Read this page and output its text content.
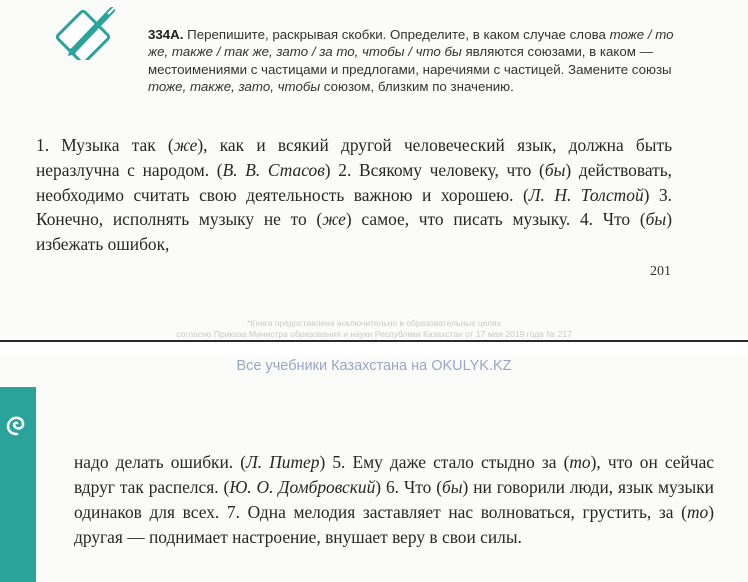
334А. Перепишите, раскрывая скобки. Определите, в каком случае слова тоже / то же, также / так же, зато / за то, чтобы / что бы являются союзами, в каком — местоимениями с частицами и предлогами, наречиями с частицей. Замените союзы тоже, также, зато, чтобы союзом, близким по значению.
1. Музыка так (же), как и всякий другой человеческий язык, должна быть неразлучна с народом. (В. В. Стасов) 2. Всякому человеку, что (бы) действовать, необходимо считать свою деятельность важною и хорошею. (Л. Н. Толстой) 3. Конечно, исполнять музыку не то (же) самое, что писать музыку. 4. Что (бы) избежать ошибок,
201
*Книга предоставлена исключительно в образовательных целях
согласно Приказа Министра образования и науки Республики Казахстан от 17 мая 2019 года № 217
Все учебники Казахстана на OKULYK.KZ
надо делать ошибки. (Л. Питер) 5. Ему даже стало стыдно за (то), что он сейчас вдруг так распелся. (Ю. О. Домбровский) 6. Что (бы) ни говорили люди, язык музыки одинаков для всех. 7. Одна мелодия заставляет нас волноваться, грустить, за (то) другая — поднимает настроение, внушает веру в свои силы.
